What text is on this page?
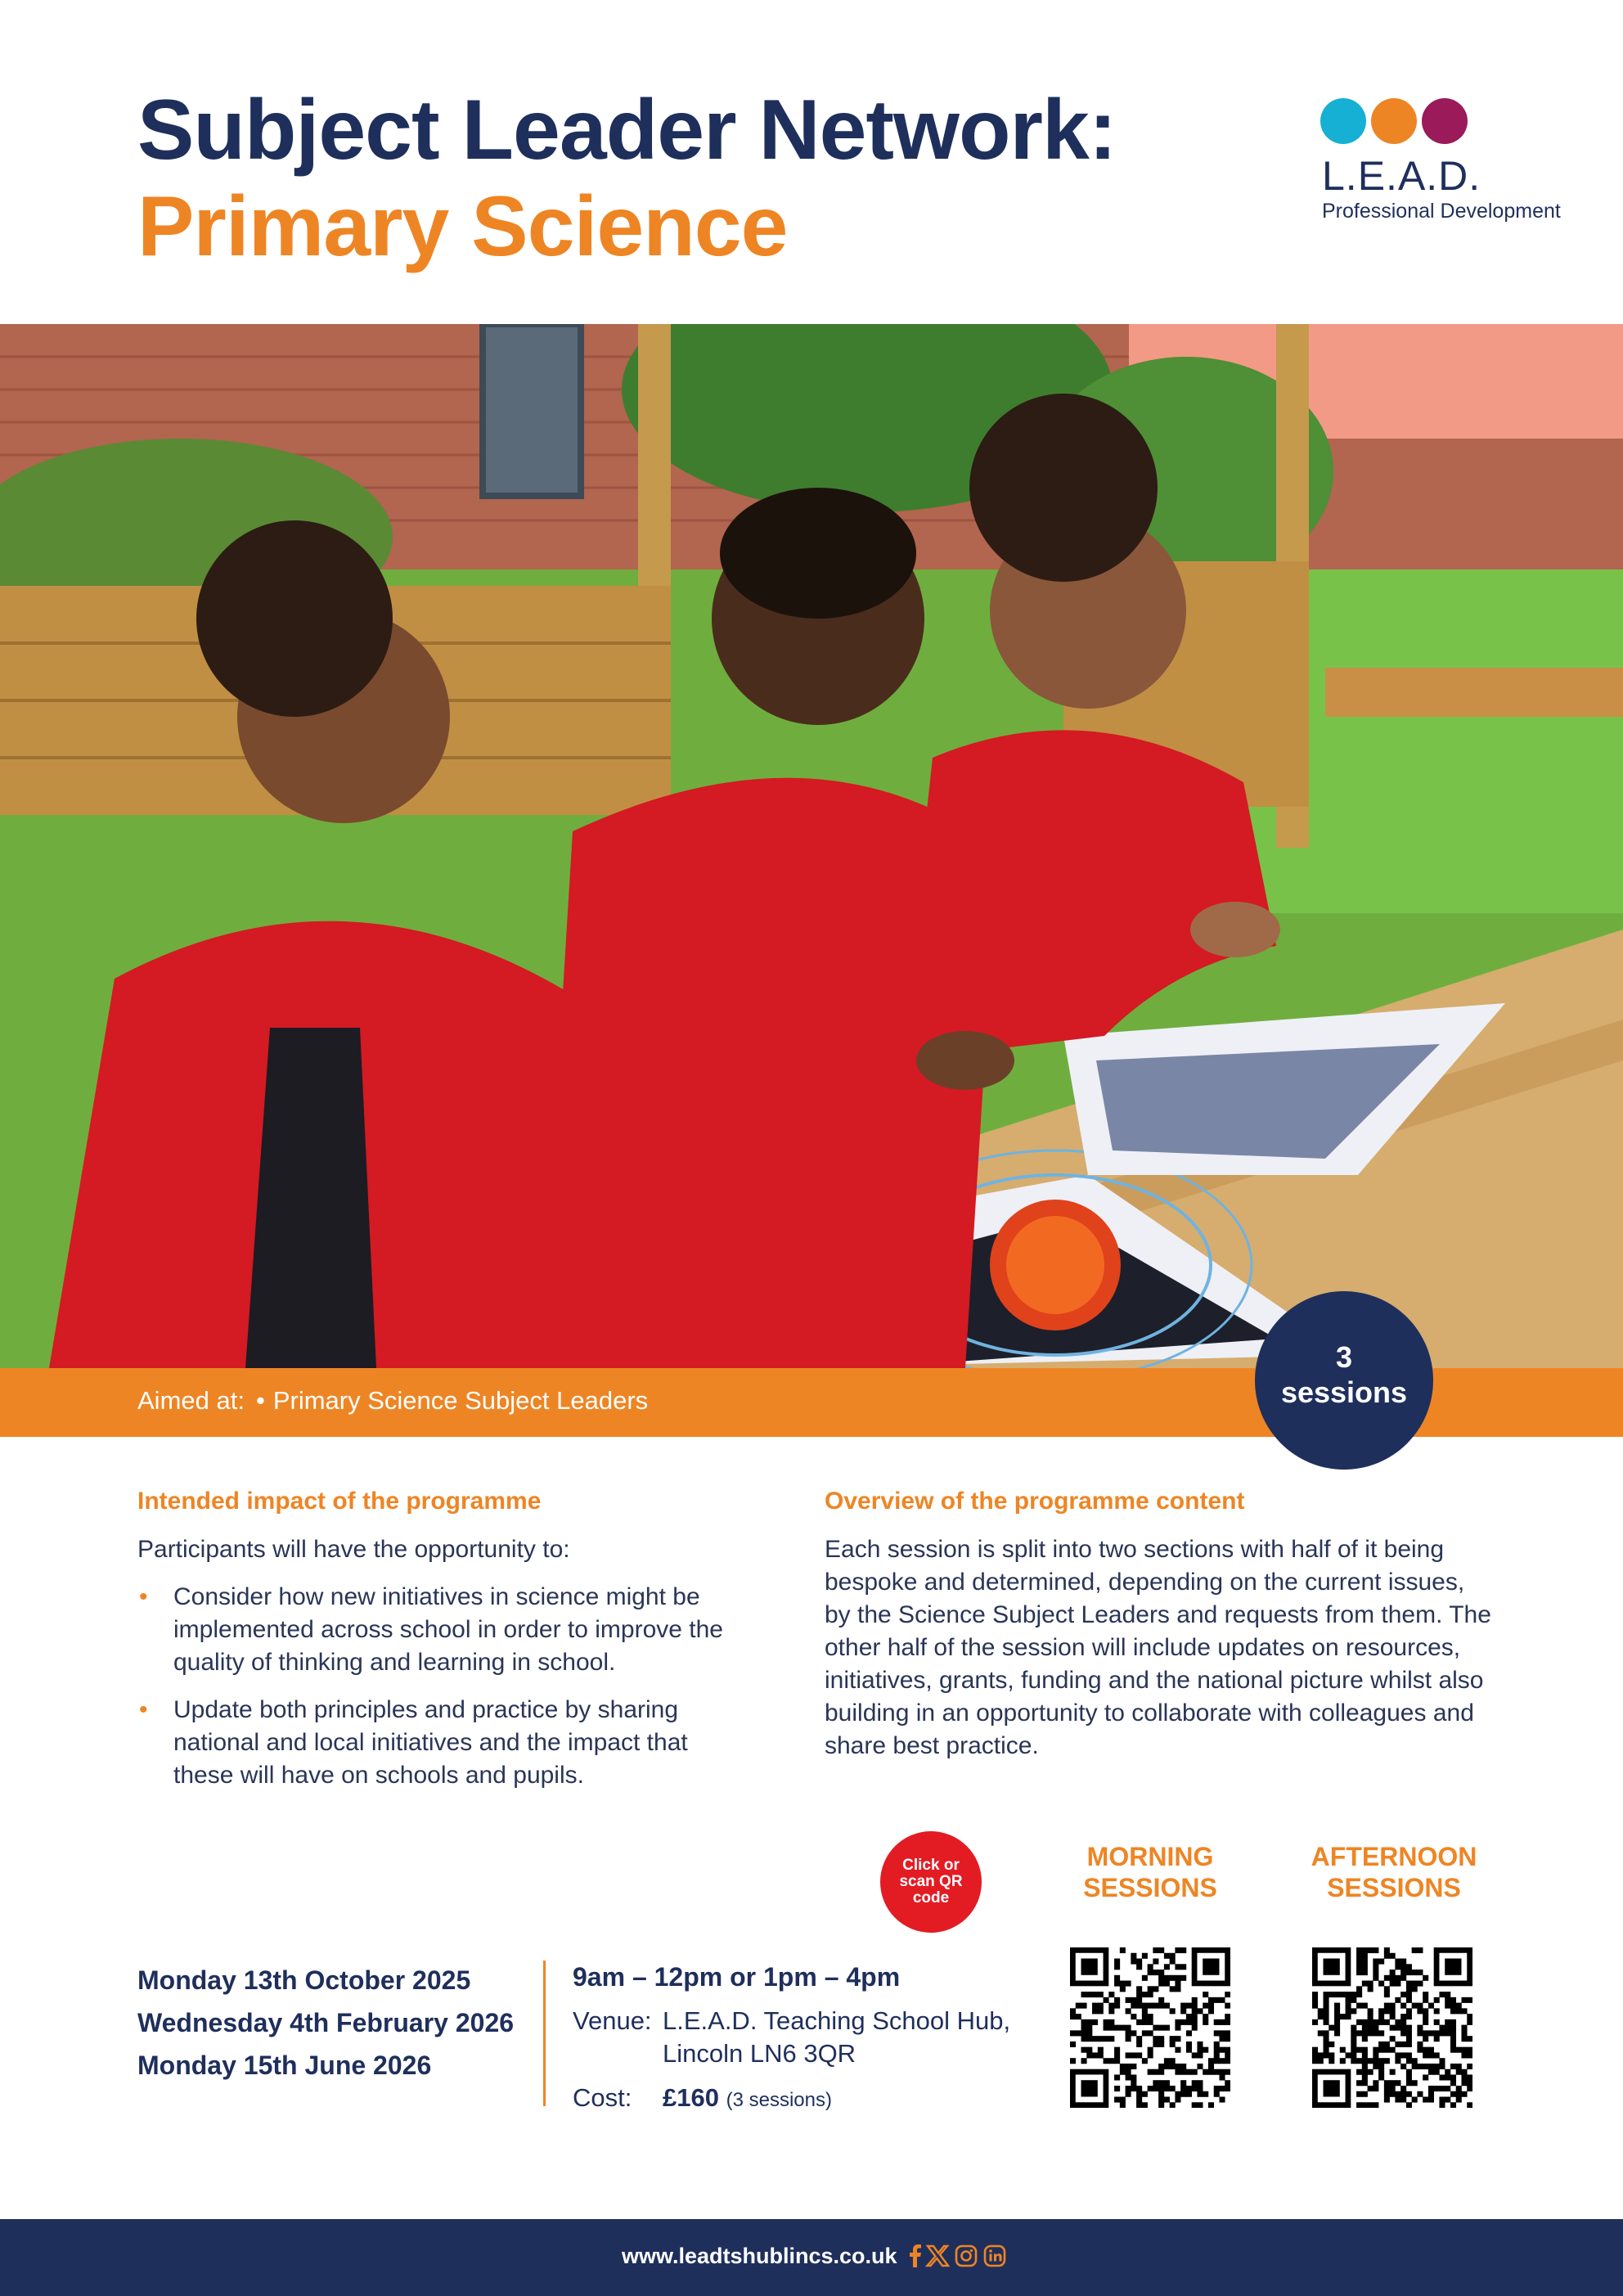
Subject Leader Network:
Primary Science
L.E.A.D.
Professional Development
Aimed at: • Primary Science Subject Leaders
3
sessions
Intended impact of the programme
Participants will have the opportunity to:
• Consider how new initiatives in science might be implemented across school in order to improve the quality of thinking and learning in school.
• Update both principles and practice by sharing national and local initiatives and the impact that these will have on schools and pupils.
Overview of the programme content
Each session is split into two sections with half of it being bespoke and determined, depending on the current issues, by the Science Subject Leaders and requests from them. The other half of the session will include updates on resources, initiatives, grants, funding and the national picture whilst also building in an opportunity to collaborate with colleagues and share best practice.
Click or scan QR code
MORNING
SESSIONS
AFTERNOON
SESSIONS
Monday 13th October 2025
Wednesday 4th February 2026
Monday 15th June 2026
9am – 12pm or 1pm – 4pm
Venue: L.E.A.D. Teaching School Hub,
Lincoln LN6 3QR
Cost: £160 (3 sessions)
www.leadtshublincs.co.uk
